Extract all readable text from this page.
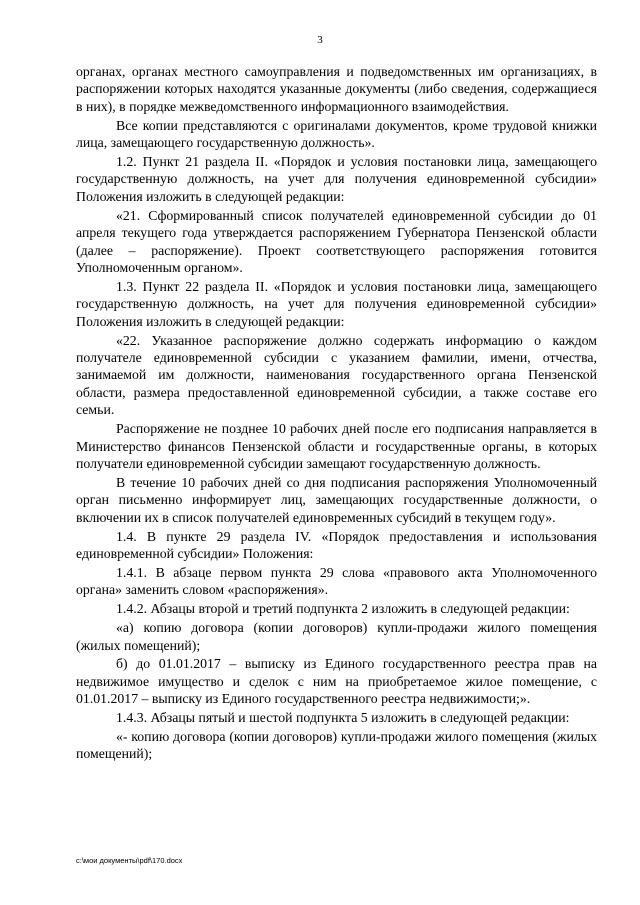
3

органах, органах местного самоуправления и подведомственных им организациях, в распоряжении которых находятся указанные документы (либо сведения, содержащиеся в них), в порядке межведомственного информационного взаимодействия.

Все копии представляются с оригиналами документов, кроме трудовой книжки лица, замещающего государственную должность».

1.2. Пункт 21 раздела II. «Порядок и условия постановки лица, замещающего государственную должность, на учет для получения единовременной субсидии» Положения изложить в следующей редакции:

«21. Сформированный список получателей единовременной субсидии до 01 апреля текущего года утверждается распоряжением Губернатора Пензенской области (далее – распоряжение). Проект соответствующего распоряжения готовится Уполномоченным органом».

1.3. Пункт 22 раздела II. «Порядок и условия постановки лица, замещающего государственную должность, на учет для получения единовременной субсидии» Положения изложить в следующей редакции:

«22. Указанное распоряжение должно содержать информацию о каждом получателе единовременной субсидии с указанием фамилии, имени, отчества, занимаемой им должности, наименования государственного органа Пензенской области, размера предоставленной единовременной субсидии, а также составе его семьи.

Распоряжение не позднее 10 рабочих дней после его подписания направляется в Министерство финансов Пензенской области и государственные органы, в которых получатели единовременной субсидии замещают государственную должность.

В течение 10 рабочих дней со дня подписания распоряжения Уполномоченный орган письменно информирует лиц, замещающих государственные должности, о включении их в список получателей единовременных субсидий в текущем году».

1.4. В пункте 29 раздела IV. «Порядок предоставления и использования единовременной субсидии» Положения:

1.4.1. В абзаце первом пункта 29 слова «правового акта Уполномоченного органа» заменить словом «распоряжения».

1.4.2. Абзацы второй и третий подпункта 2 изложить в следующей редакции:

«а) копию договора (копии договоров) купли-продажи жилого помещения (жилых помещений);

б) до 01.01.2017 – выписку из Единого государственного реестра прав на недвижимое имущество и сделок с ним на приобретаемое жилое помещение, с 01.01.2017 – выписку из Единого государственного реестра недвижимости;».

1.4.3. Абзацы пятый и шестой подпункта 5 изложить в следующей редакции:

«- копию договора (копии договоров) купли-продажи жилого помещения (жилых помещений);

c:\мои документы\pdf\170.docx
